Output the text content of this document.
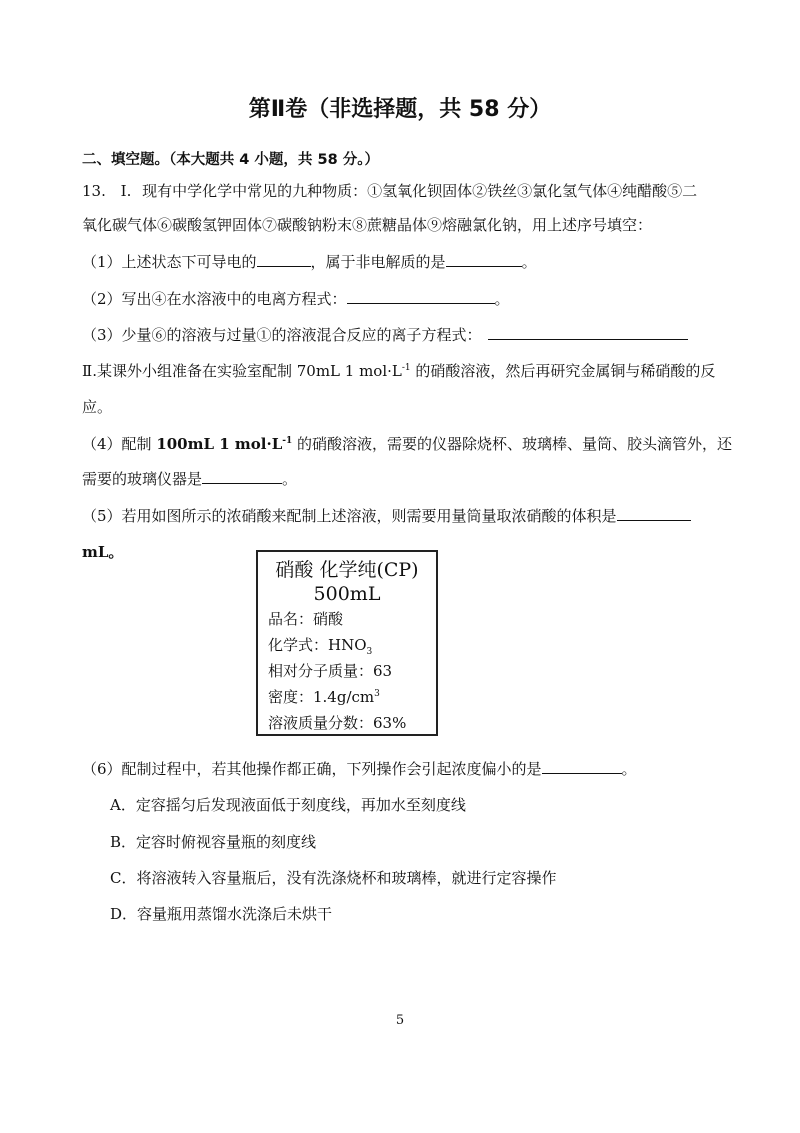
第Ⅱ卷（非选择题，共 58 分）
二、填空题。（本大题共 4 小题，共 58 分。）
13. Ⅰ. 现有中学化学中常见的九种物质：①氢氧化钡固体②铁丝③氯化氢气体④纯醋酸⑤二
氧化碳气体⑥碳酸氢钾固体⑦碳酸钠粉末⑧蔗糖晶体⑨熔融氯化钠，用上述序号填空：
（1）上述状态下可导电的	，属于非电解质的是	。
（2）写出④在水溶液中的电离方程式：	。
（3）少量⑥的溶液与过量①的溶液混合反应的离子方程式：
Ⅱ.某课外小组准备在实验室配制 70mL 1 $mol\cdot L^{-1}$ 的硝酸溶液，然后再研究金属铜与稀硝酸的反
应。
（4）配制 100mL 1 $mol\cdot L^{-1}$ 的硝酸溶液，需要的仪器除烧杯、玻璃棒、量筒、胶头滴管外，还
需要的玻璃仪器是	。
（5）若用如图所示的浓硝酸来配制上述溶液，则需要用量筒量取浓硝酸的体积是
mL。
硝酸 化学纯(CP)
500mL
品名：硝酸
化学式：$HNO_3$
相对分子质量：63
密度：$1.4g/cm^3$
溶液质量分数：63%
（6）配制过程中，若其他操作都正确，下列操作会引起浓度偏小的是	。
A．定容摇匀后发现液面低于刻度线，再加水至刻度线
B．定容时俯视容量瓶的刻度线
C．将溶液转入容量瓶后，没有洗涤烧杯和玻璃棒，就进行定容操作
D．容量瓶用蒸馏水洗涤后未烘干
5
